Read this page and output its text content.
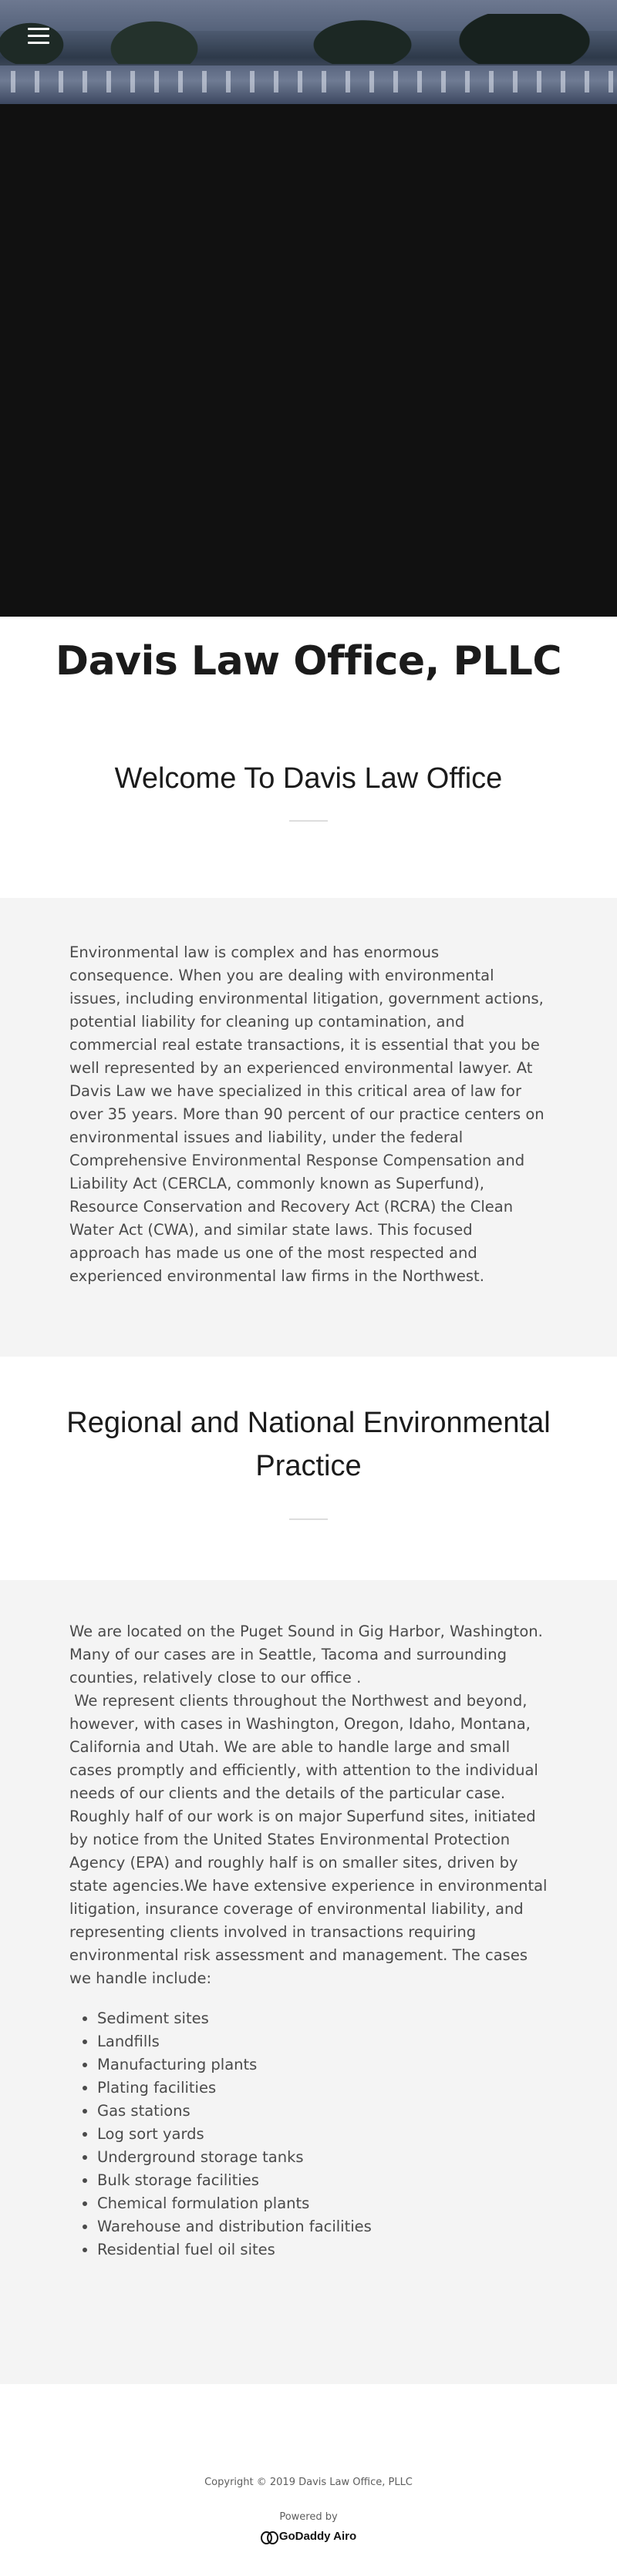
Davis Law Office, PLLC
Welcome To Davis Law Office

Environmental law is complex and has enormous consequence. When you are dealing with environmental issues, including environmental litigation, government actions, potential liability for cleaning up contamination, and commercial real estate transactions, it is essential that you be well represented by an experienced environmental lawyer. At Davis Law we have specialized in this critical area of law for over 35 years. More than 90 percent of our practice centers on environmental issues and liability, under the federal Comprehensive Environmental Response Compensation and Liability Act (CERCLA, commonly known as Superfund), Resource Conservation and Recovery Act (RCRA) the Clean Water Act (CWA), and similar state laws. This focused approach has made us one of the most respected and experienced environmental law firms in the Northwest.

Regional and National Environmental Practice

We are located on the Puget Sound in Gig Harbor, Washington. Many of our cases are in Seattle, Tacoma and surrounding counties, relatively close to our office .

We represent clients throughout the Northwest and beyond, however, with cases in Washington, Oregon, Idaho, Montana, California and Utah. We are able to handle large and small cases promptly and efficiently, with attention to the individual needs of our clients and the details of the particular case. Roughly half of our work is on major Superfund sites, initiated by notice from the United States Environmental Protection Agency (EPA) and roughly half is on smaller sites, driven by state agencies.We have extensive experience in environmental litigation, insurance coverage of environmental liability, and representing clients involved in transactions requiring environmental risk assessment and management. The cases we handle include:

• Sediment sites
• Landfills
• Manufacturing plants
• Plating facilities
• Gas stations
• Log sort yards
• Underground storage tanks
• Bulk storage facilities
• Chemical formulation plants
• Warehouse and distribution facilities
• Residential fuel oil sites

Copyright © 2019 Davis Law Office, PLLC

Powered by

GoDaddy Airo
